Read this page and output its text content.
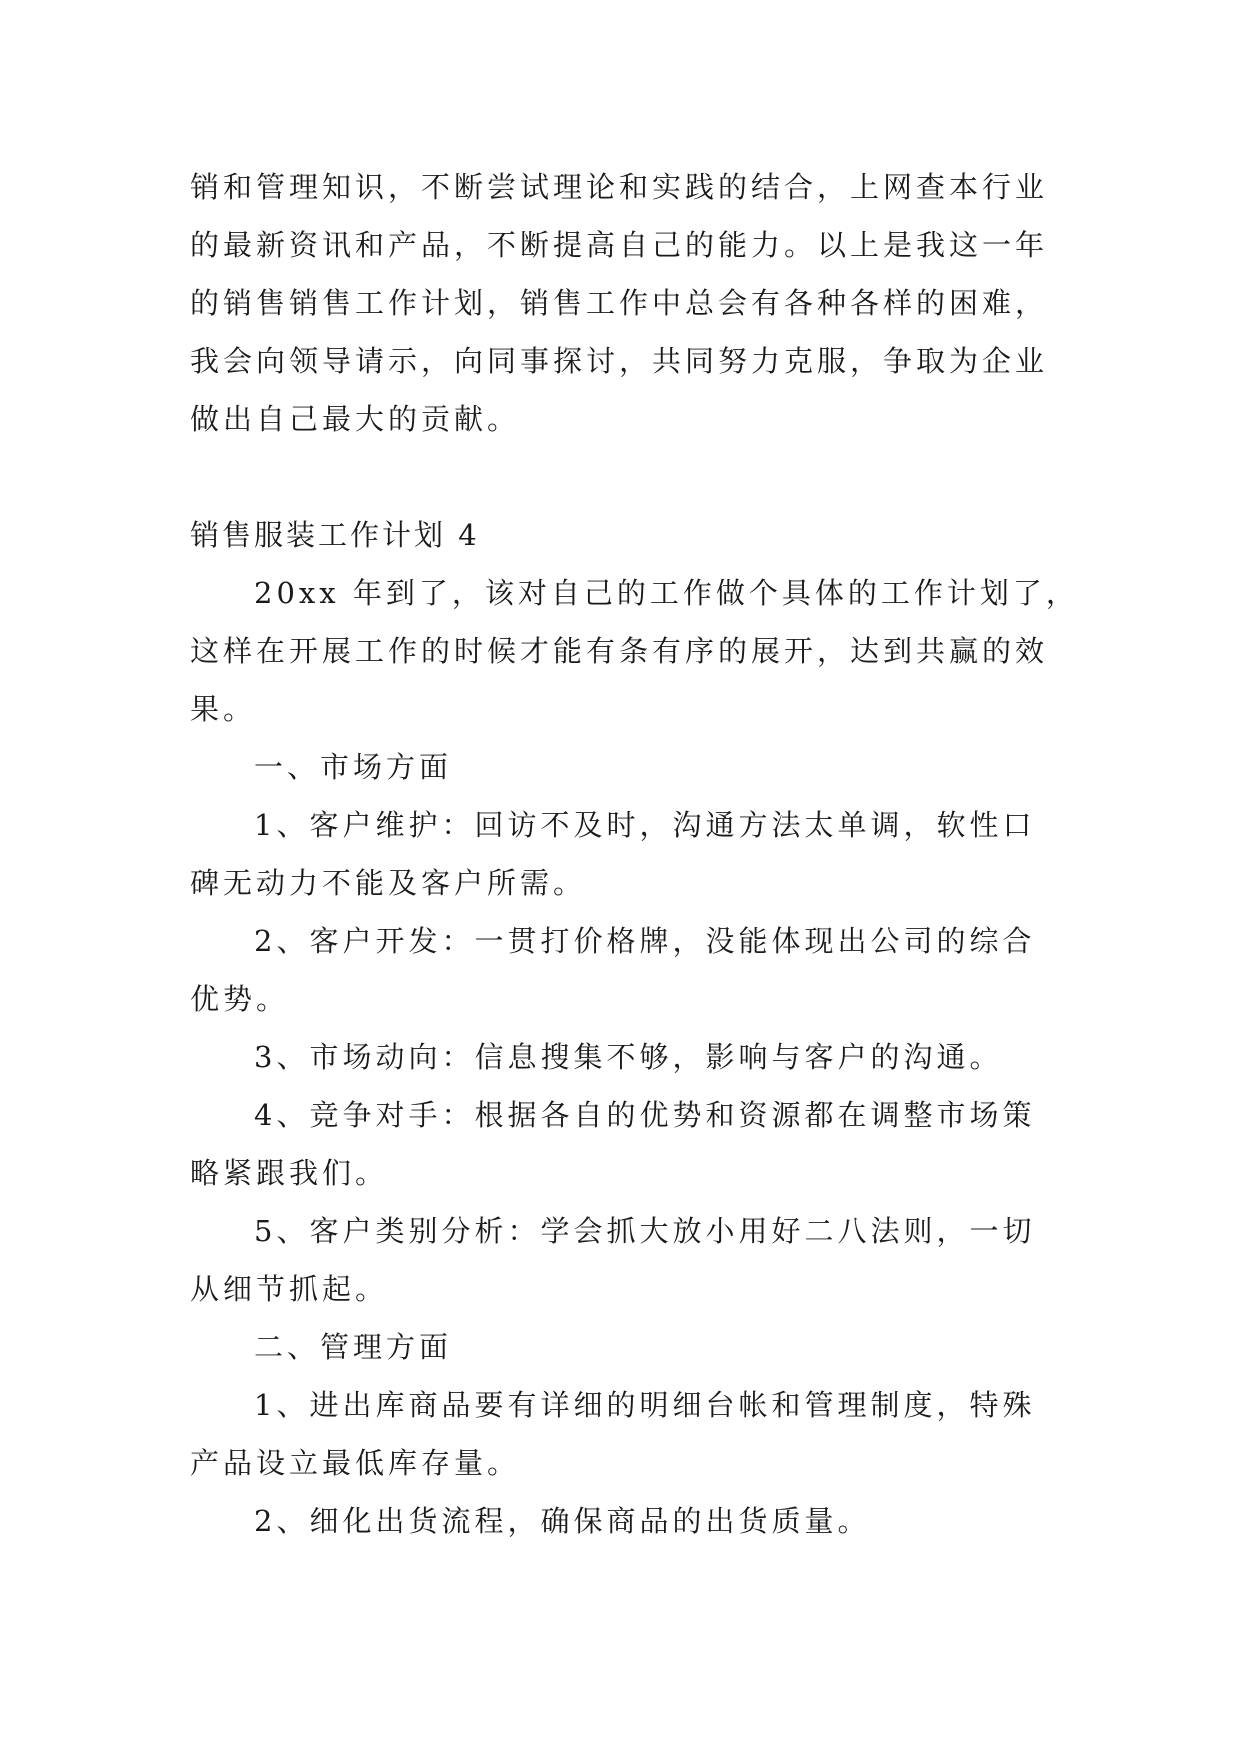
销和管理知识，不断尝试理论和实践的结合，上网查本行业
的最新资讯和产品，不断提高自己的能力。以上是我这一年
的销售销售工作计划，销售工作中总会有各种各样的困难，
我会向领导请示，向同事探讨，共同努力克服，争取为企业
做出自己最大的贡献。
销售服装工作计划 4
20xx 年到了，该对自己的工作做个具体的工作计划了，
这样在开展工作的时候才能有条有序的展开，达到共赢的效
果。
一、市场方面
1、客户维护：回访不及时，沟通方法太单调，软性口
碑无动力不能及客户所需。
2、客户开发：一贯打价格牌，没能体现出公司的综合
优势。
3、市场动向：信息搜集不够，影响与客户的沟通。
4、竞争对手：根据各自的优势和资源都在调整市场策
略紧跟我们。
5、客户类别分析：学会抓大放小用好二八法则，一切
从细节抓起。
二、管理方面
1、进出库商品要有详细的明细台帐和管理制度，特殊
产品设立最低库存量。
2、细化出货流程，确保商品的出货质量。
